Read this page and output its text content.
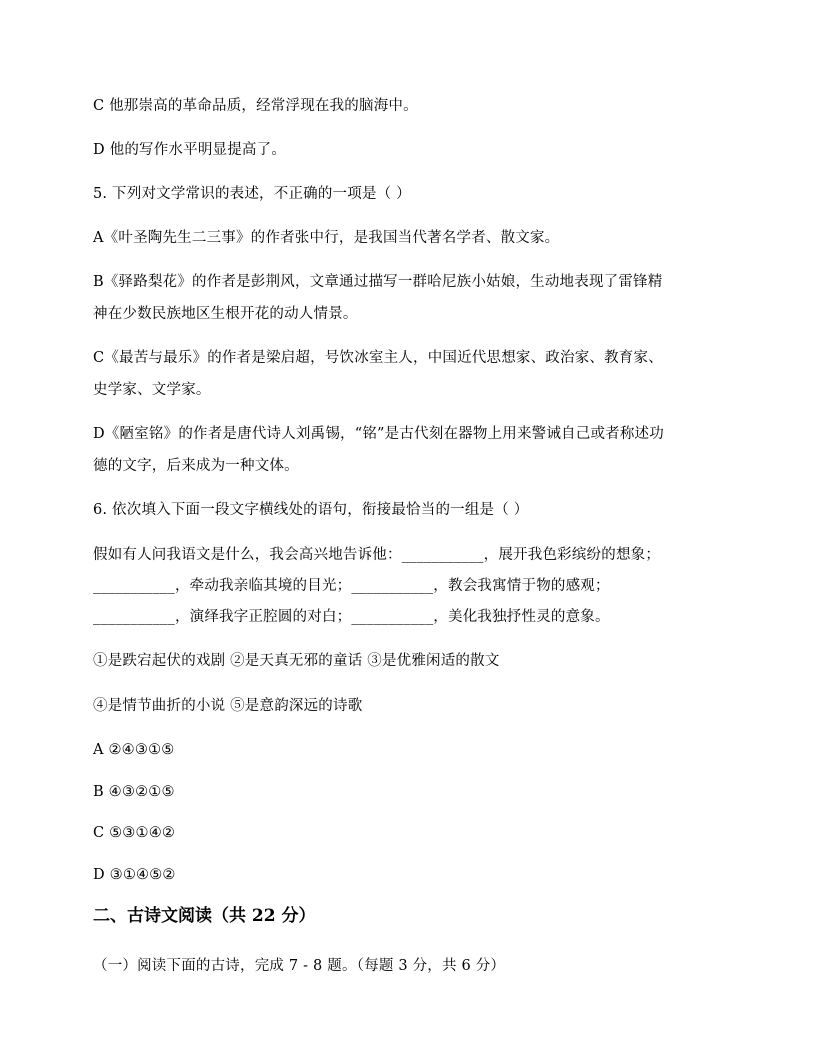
C 他那崇高的革命品质，经常浮现在我的脑海中。
D 他的写作水平明显提高了。
5. 下列对文学常识的表述，不正确的一项是（ ）
A《叶圣陶先生二三事》的作者张中行，是我国当代著名学者、散文家。
B《驿路梨花》的作者是彭荆风，文章通过描写一群哈尼族小姑娘，生动地表现了雷锋精
神在少数民族地区生根开花的动人情景。
C《最苦与最乐》的作者是梁启超，号饮冰室主人，中国近代思想家、政治家、教育家、
史学家、文学家。
D《陋室铭》的作者是唐代诗人刘禹锡，“铭”是古代刻在器物上用来警诫自己或者称述功
德的文字，后来成为一种文体。
6. 依次填入下面一段文字横线处的语句，衔接最恰当的一组是（ ）
假如有人问我语文是什么，我会高兴地告诉他：___________，展开我色彩缤纷的想象；
___________，牵动我亲临其境的目光；___________，教会我寓情于物的感观；
___________，演绎我字正腔圆的对白；___________，美化我独抒性灵的意象。
①是跌宕起伏的戏剧 ②是天真无邪的童话 ③是优雅闲适的散文
④是情节曲折的小说 ⑤是意韵深远的诗歌
A ②④③①⑤
B ④③②①⑤
C ⑤③①④②
D ③①④⑤②
二、古诗文阅读（共 22 分）
（一）阅读下面的古诗，完成 7 - 8 题。（每题 3 分，共 6 分）
